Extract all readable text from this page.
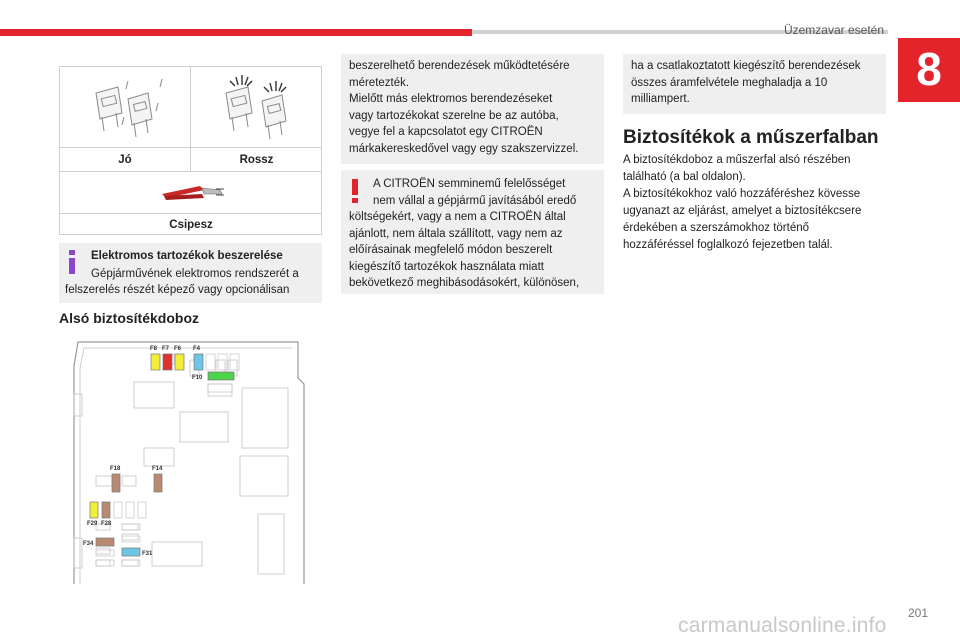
Üzemzavar esetén
8
Jó	Rossz
Csipesz
Elektromos tartozékok beszerelése
Gépjárművének elektromos rendszerét a
felszerelés részét képező vagy opcionálisan
Alsó biztosítékdoboz
F8 F7 F6 F4
F10
F18	F14
F29 F28
F34
F31
beszerelhető berendezések működtetésére
méretezték.
Mielőtt más elektromos berendezéseket
vagy tartozékokat szerelne be az autóba,
vegye fel a kapcsolatot egy CITROËN
márkakereskedővel vagy egy szakszervizzel.
A CITROËN semminemű felelősséget
nem vállal a gépjármű javításából eredő
költségekért, vagy a nem a CITROËN által
ajánlott, nem általa szállított, vagy nem az
előírásainak megfelelő módon beszerelt
kiegészítő tartozékok használata miatt
bekövetkező meghibásodásokért, különösen,
ha a csatlakoztatott kiegészítő berendezések
összes áramfelvétele meghaladja a 10
milliampert.
Biztosítékok a műszerfalban
A biztosítékdoboz a műszerfal alsó részében
található (a bal oldalon).
A biztosítékokhoz való hozzáféréshez kövesse
ugyanazt az eljárást, amelyet a biztosítékcsere
érdekében a szerszámokhoz történő
hozzáféréssel foglalkozó fejezetben talál.
carmanualsonline.info
201
